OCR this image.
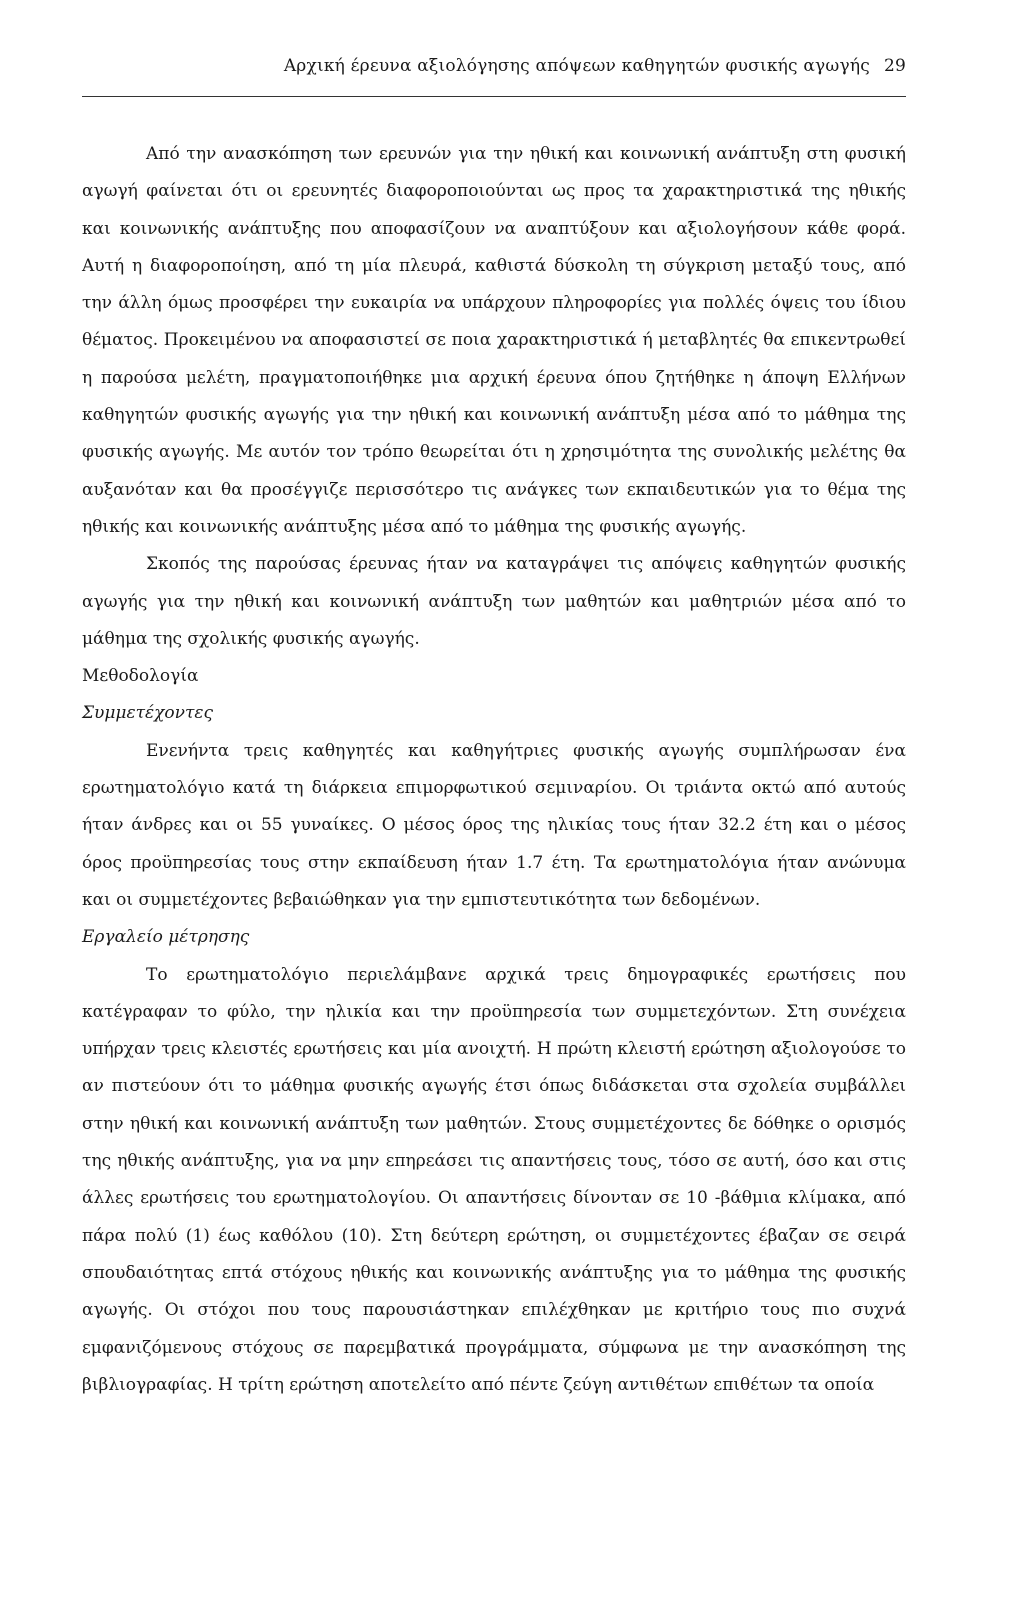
Αρχική έρευνα αξιολόγησης απόψεων καθηγητών φυσικής αγωγής 29

Από την ανασκόπηση των ερευνών για την ηθική και κοινωνική ανάπτυξη στη φυσική αγωγή φαίνεται ότι οι ερευνητές διαφοροποιούνται ως προς τα χαρακτηριστικά της ηθικής και κοινωνικής ανάπτυξης που αποφασίζουν να αναπτύξουν και αξιολογήσουν κάθε φορά. Αυτή η διαφοροποίηση, από τη μία πλευρά, καθιστά δύσκολη τη σύγκριση μεταξύ τους, από την άλλη όμως προσφέρει την ευκαιρία να υπάρχουν πληροφορίες για πολλές όψεις του ίδιου θέματος. Προκειμένου να αποφασιστεί σε ποια χαρακτηριστικά ή μεταβλητές θα επικεντρωθεί η παρούσα μελέτη, πραγματοποιήθηκε μια αρχική έρευνα όπου ζητήθηκε η άποψη Ελλήνων καθηγητών φυσικής αγωγής για την ηθική και κοινωνική ανάπτυξη μέσα από το μάθημα της φυσικής αγωγής. Με αυτόν τον τρόπο θεωρείται ότι η χρησιμότητα της συνολικής μελέτης θα αυξανόταν και θα προσέγγιζε περισσότερο τις ανάγκες των εκπαιδευτικών για το θέμα της ηθικής και κοινωνικής ανάπτυξης μέσα από το μάθημα της φυσικής αγωγής.

Σκοπός της παρούσας έρευνας ήταν να καταγράψει τις απόψεις καθηγητών φυσικής αγωγής για την ηθική και κοινωνική ανάπτυξη των μαθητών και μαθητριών μέσα από το μάθημα της σχολικής φυσικής αγωγής.

Μεθοδολογία

Συμμετέχοντες

Ενενήντα τρεις καθηγητές και καθηγήτριες φυσικής αγωγής συμπλήρωσαν ένα ερωτηματολόγιο κατά τη διάρκεια επιμορφωτικού σεμιναρίου. Οι τριάντα οκτώ από αυτούς ήταν άνδρες και οι 55 γυναίκες. Ο μέσος όρος της ηλικίας τους ήταν 32.2 έτη και ο μέσος όρος προϋπηρεσίας τους στην εκπαίδευση ήταν 1.7 έτη. Τα ερωτηματολόγια ήταν ανώνυμα και οι συμμετέχοντες βεβαιώθηκαν για την εμπιστευτικότητα των δεδομένων.

Εργαλείο μέτρησης

Το ερωτηματολόγιο περιελάμβανε αρχικά τρεις δημογραφικές ερωτήσεις που κατέγραφαν το φύλο, την ηλικία και την προϋπηρεσία των συμμετεχόντων. Στη συνέχεια υπήρχαν τρεις κλειστές ερωτήσεις και μία ανοιχτή. Η πρώτη κλειστή ερώτηση αξιολογούσε το αν πιστεύουν ότι το μάθημα φυσικής αγωγής έτσι όπως διδάσκεται στα σχολεία συμβάλλει στην ηθική και κοινωνική ανάπτυξη των μαθητών. Στους συμμετέχοντες δε δόθηκε ο ορισμός της ηθικής ανάπτυξης, για να μην επηρεάσει τις απαντήσεις τους, τόσο σε αυτή, όσο και στις άλλες ερωτήσεις του ερωτηματολογίου. Οι απαντήσεις δίνονταν σε 10 -βάθμια κλίμακα, από πάρα πολύ (1) έως καθόλου (10). Στη δεύτερη ερώτηση, οι συμμετέχοντες έβαζαν σε σειρά σπουδαιότητας επτά στόχους ηθικής και κοινωνικής ανάπτυξης για το μάθημα της φυσικής αγωγής. Οι στόχοι που τους παρουσιάστηκαν επιλέχθηκαν με κριτήριο τους πιο συχνά εμφανιζόμενους στόχους σε παρεμβατικά προγράμματα, σύμφωνα με την ανασκόπηση της βιβλιογραφίας. Η τρίτη ερώτηση αποτελείτο από πέντε ζεύγη αντιθέτων επιθέτων τα οποία
